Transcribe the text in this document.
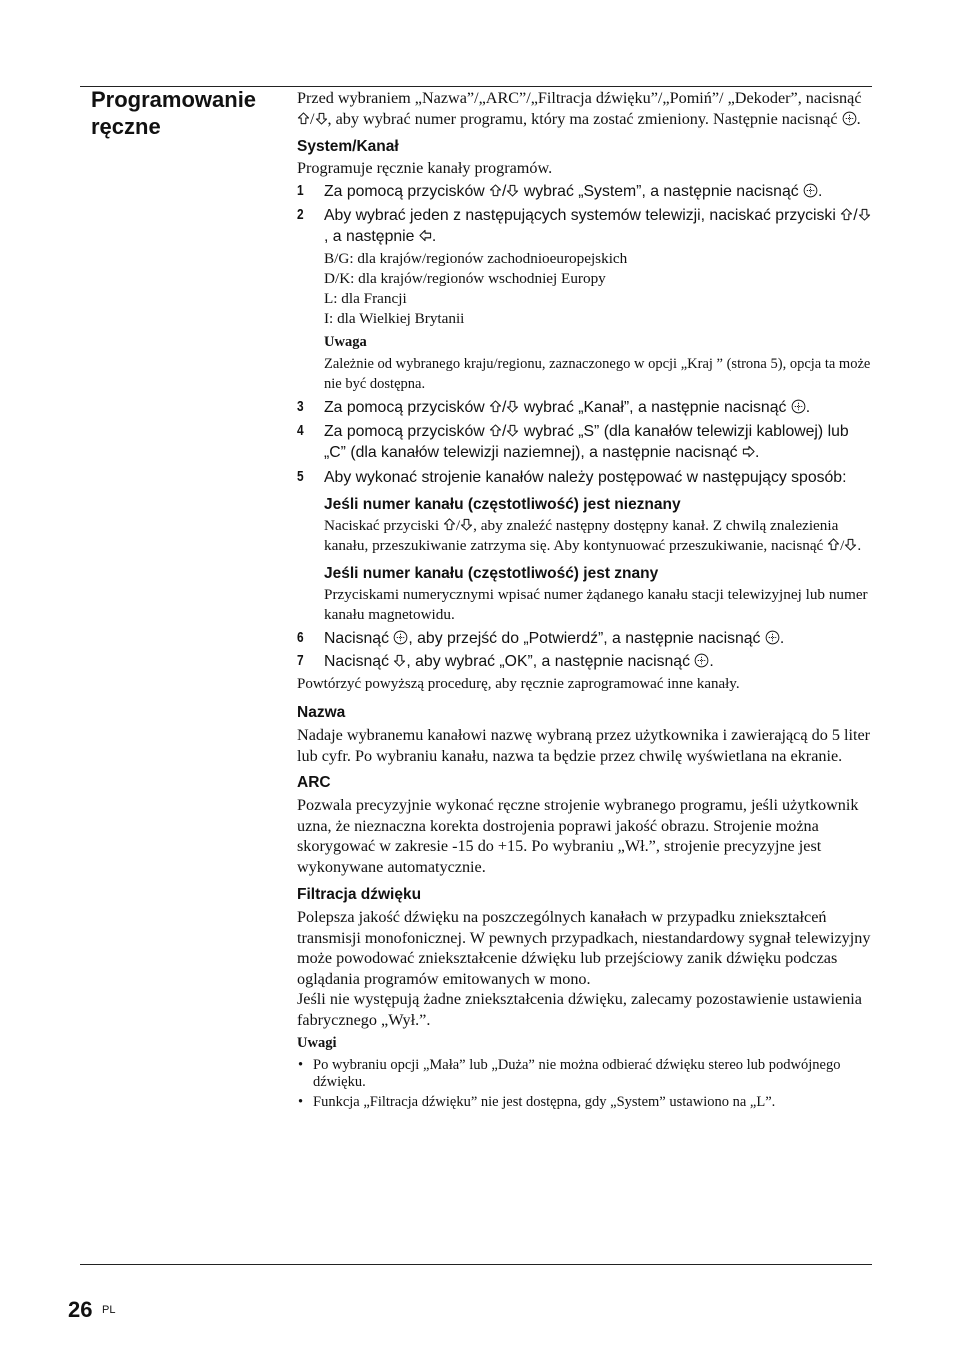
Programowanie ręczne

Przed wybraniem „Nazwa”/„ARC”/„Filtracja dźwięku”/„Pomiń”/ „Dekoder”, nacisnąć / , aby wybrać numer programu, który ma zostać zmieniony. Następnie nacisnąć .

System/Kanał

Programuje ręcznie kanały programów.

1 Za pomocą przycisków / wybrać „System”, a następnie nacisnąć .
2 Aby wybrać jeden z następujących systemów telewizji, naciskać przyciski /, a następnie .
B/G: dla krajów/regionów zachodnioeuropejskich
D/K: dla krajów/regionów wschodniej Europy
L: dla Francji
I: dla Wielkiej Brytanii
Uwaga
Zależnie od wybranego kraju/regionu, zaznaczonego w opcji „Kraj ” (strona 5), opcja ta może nie być dostępna.
3 Za pomocą przycisków / wybrać „Kanał”, a następnie nacisnąć .
4 Za pomocą przycisków / wybrać „S” (dla kanałów telewizji kablowej) lub „C” (dla kanałów telewizji naziemnej), a następnie nacisnąć .
5 Aby wykonać strojenie kanałów należy postępować w następujący sposób:
Jeśli numer kanału (częstotliwość) jest nieznany
Naciskać przyciski / , aby znaleźć następny dostępny kanał. Z chwilą znalezienia kanału, przeszukiwanie zatrzyma się. Aby kontynuować przeszukiwanie, nacisnąć / .
Jeśli numer kanału (częstotliwość) jest znany
Przyciskami numerycznymi wpisać numer żądanego kanału stacji telewizyjnej lub numer kanału magnetowidu.
6 Nacisnąć , aby przejść do „Potwierdź”, a następnie nacisnąć .
7 Nacisnąć , aby wybrać „OK”, a następnie nacisnąć .

Powtórzyć powyższą procedurę, aby ręcznie zaprogramować inne kanały.

Nazwa

Nadaje wybranemu kanałowi nazwę wybraną przez użytkownika i zawierającą do 5 liter lub cyfr. Po wybraniu kanału, nazwa ta będzie przez chwilę wyświetlana na ekranie.

ARC

Pozwala precyzyjnie wykonać ręczne strojenie wybranego programu, jeśli użytkownik uzna, że nieznaczna korekta dostrojenia poprawi jakość obrazu. Strojenie można skorygować w zakresie -15 do +15. Po wybraniu „Wł.”, strojenie precyzyjne jest wykonywane automatycznie.

Filtracja dźwięku

Polepsza jakość dźwięku na poszczególnych kanałach w przypadku zniekształceń transmisji monofonicznej. W pewnych przypadkach, niestandardowy sygnał telewizyjny może powodować zniekształcenie dźwięku lub przejściowy zanik dźwięku podczas oglądania programów emitowanych w mono.

Jeśli nie występują żadne zniekształcenia dźwięku, zalecamy pozostawienie ustawienia fabrycznego „Wył.”.

Uwagi
• Po wybraniu opcji „Mała” lub „Duża” nie można odbierać dźwięku stereo lub podwójnego dźwięku.
• Funkcja „Filtracja dźwięku” nie jest dostępna, gdy „System” ustawiono na „L”.
26 PL
